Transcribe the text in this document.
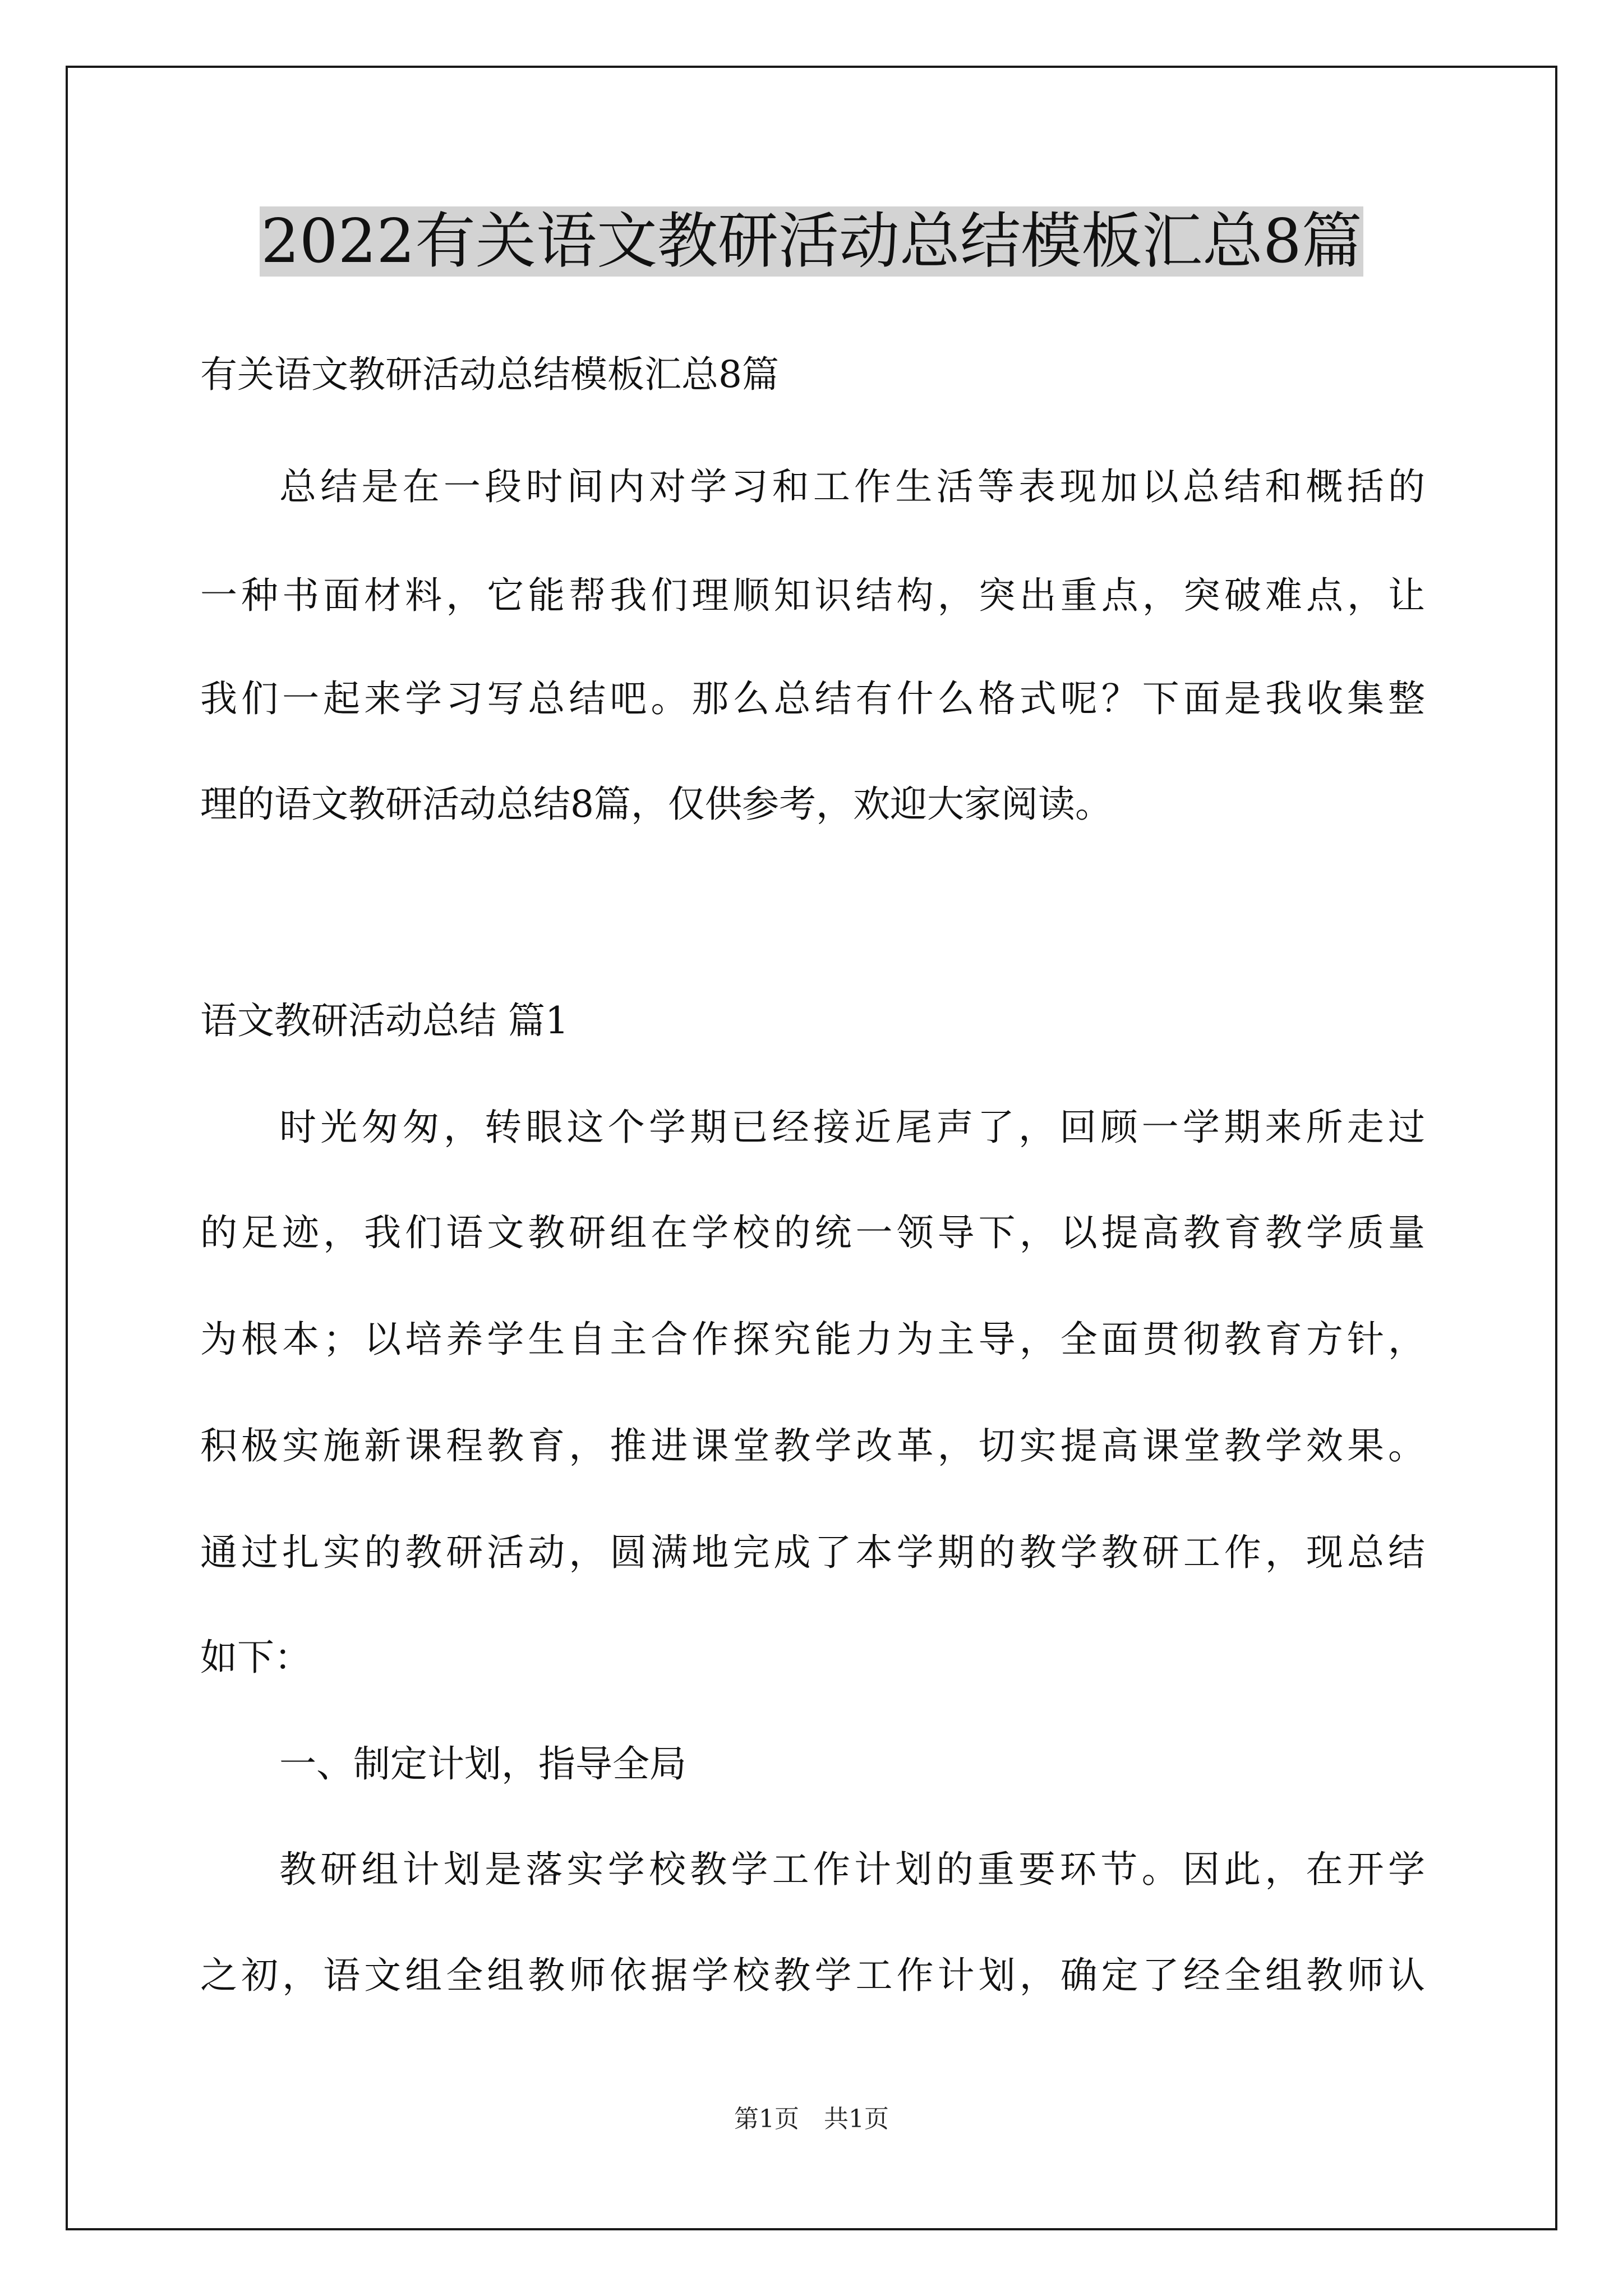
2022有关语文教研活动总结模板汇总8篇

有关语文教研活动总结模板汇总8篇

总结是在一段时间内对学习和工作生活等表现加以总结和概括的

一种书面材料，它能帮我们理顺知识结构，突出重点，突破难点，让

我们一起来学习写总结吧。那么总结有什么格式呢？下面是我收集整

理的语文教研活动总结8篇，仅供参考，欢迎大家阅读。

语文教研活动总结 篇1

时光匆匆，转眼这个学期已经接近尾声了，回顾一学期来所走过

的足迹，我们语文教研组在学校的统一领导下，以提高教育教学质量

为根本；以培养学生自主合作探究能力为主导，全面贯彻教育方针，

积极实施新课程教育，推进课堂教学改革，切实提高课堂教学效果。

通过扎实的教研活动，圆满地完成了本学期的教学教研工作，现总结

如下：

一、制定计划，指导全局

教研组计划是落实学校教学工作计划的重要环节。因此，在开学

之初，语文组全组教师依据学校教学工作计划，确定了经全组教师认

第1页　共1页
